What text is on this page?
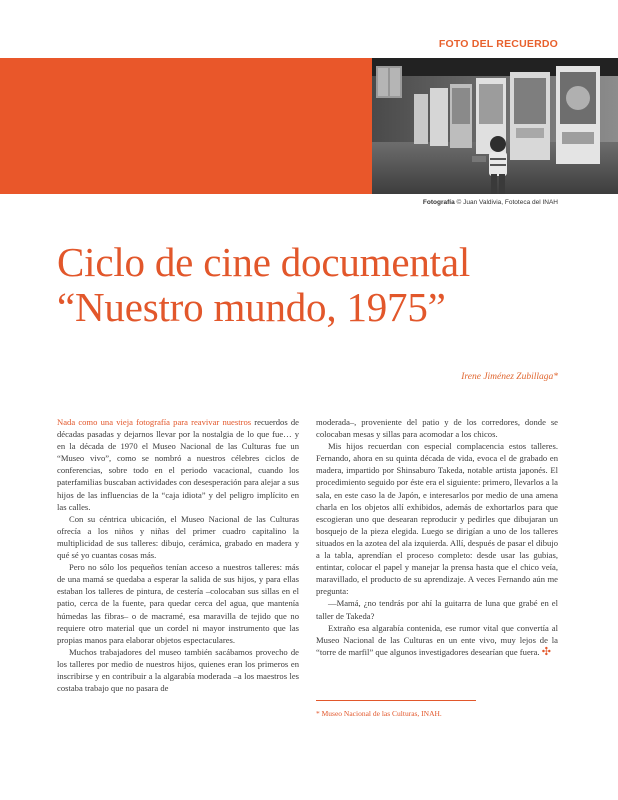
FOTO DEL RECUERDO
Fotografía © Juan Valdivia, Fototeca del INAH
Ciclo de cine documental
“Nuestro mundo, 1975”
Irene Jiménez Zubillaga*

Nada como una vieja fotografía para reavivar nuestros recuerdos de décadas pasadas y dejarnos llevar por la nostalgia de lo que fue… y en la década de 1970 el Museo Nacional de las Culturas fue un “Museo vivo”, como se nombró a nuestros célebres ciclos de conferencias, sobre todo en el periodo vacacional, cuando los paterfamilias buscaban actividades con desesperación para alejar a sus hijos de las influencias de la “caja idiota” y del peligro implícito en las calles.

Con su céntrica ubicación, el Museo Nacional de las Culturas ofrecía a los niños y niñas del primer cuadro capitalino la multiplicidad de sus talleres: dibujo, cerámica, grabado en madera y qué sé yo cuantas cosas más.

Pero no sólo los pequeños tenían acceso a nuestros talleres: más de una mamá se quedaba a esperar la salida de sus hijos, y para ellas estaban los talleres de pintura, de cestería –colocaban sus sillas en el patio, cerca de la fuente, para quedar cerca del agua, que mantenía húmedas las fibras– o de macramé, esa maravilla de tejido que no requiere otro material que un cordel ni mayor instrumento que las propias manos para elaborar objetos espectaculares.

Muchos trabajadores del museo también sacábamos provecho de los talleres por medio de nuestros hijos, quienes eran los primeros en inscribirse y en contribuir a la algarabía moderada –a los maestros les costaba trabajo que no pasara de

moderada–, proveniente del patio y de los corredores, donde se colocaban mesas y sillas para acomodar a los chicos.

Mis hijos recuerdan con especial complacencia estos talleres. Fernando, ahora en su quinta década de vida, evoca el de grabado en madera, impartido por Shinsaburo Takeda, notable artista japonés. El procedimiento seguido por éste era el siguiente: primero, llevarlos a la sala, en este caso la de Japón, e interesarlos por medio de una amena charla en los objetos allí exhibidos, además de exhortarlos para que escogieran uno que desearan reproducir y pedirles que dibujaran un bosquejo de la pieza elegida. Luego se dirigían a uno de los talleres situados en la azotea del ala izquierda. Allí, después de pasar el dibujo a la tabla, aprendían el proceso completo: desde usar las gubias, entintar, colocar el papel y manejar la prensa hasta que el chico veía, maravillado, el producto de su aprendizaje. A veces Fernando aún me pregunta:

—Mamá, ¿no tendrás por ahí la guitarra de luna que grabé en el taller de Takeda?

Extraño esa algarabía contenida, ese rumor vital que convertía al Museo Nacional de las Culturas en un ente vivo, muy lejos de la “torre de marfil” que algunos investigadores desearían que fuera. ✣

* Museo Nacional de las Culturas, INAH.
